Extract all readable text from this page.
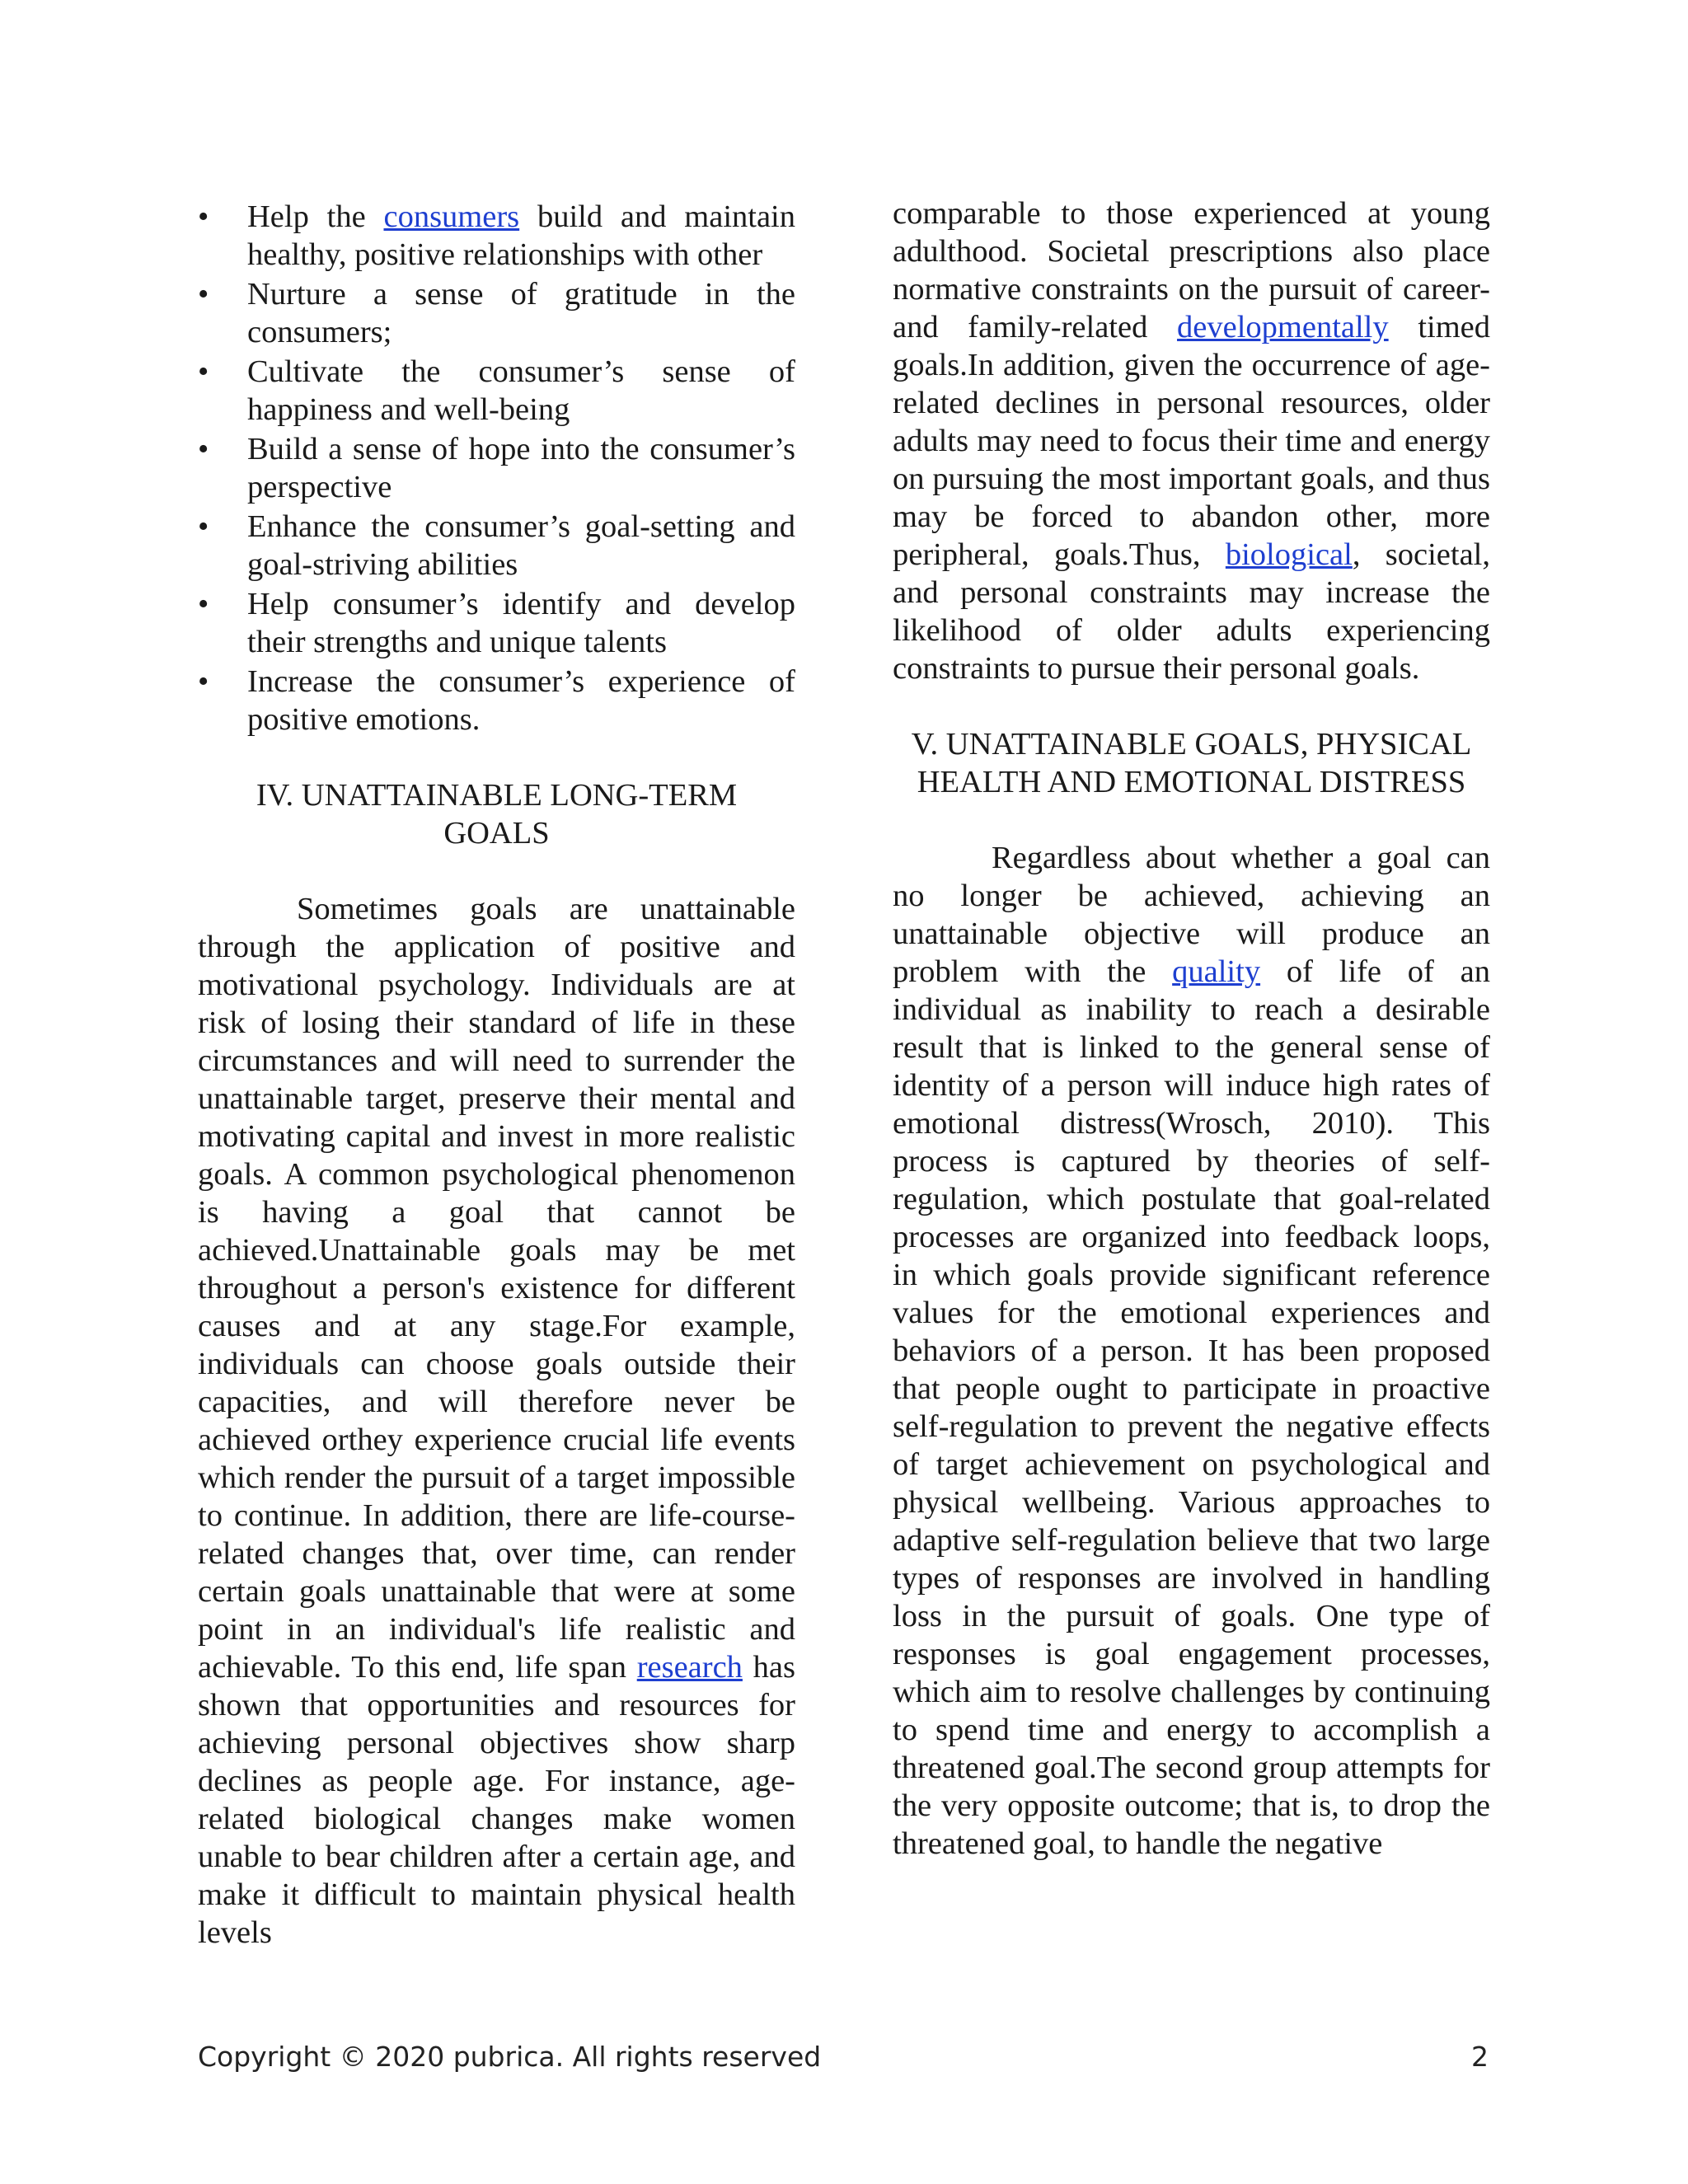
• Help the consumers build and maintain healthy, positive relationships with other
• Nurture a sense of gratitude in the consumers;
• Cultivate the consumer’s sense of happiness and well-being
• Build a sense of hope into the consumer’s perspective
• Enhance the consumer’s goal-setting and goal-striving abilities
• Help consumer’s identify and develop their strengths and unique talents
• Increase the consumer’s experience of positive emotions.
IV. UNATTAINABLE LONG-TERM
GOALS

Sometimes goals are unattainable through the application of positive and motivational psychology. Individuals are at risk of losing their standard of life in these circumstances and will need to surrender the unattainable target, preserve their mental and motivating capital and invest in more realistic goals. A common psychological phenomenon is having a goal that cannot be achieved.Unattainable goals may be met throughout a person's existence for different causes and at any stage.For example, individuals can choose goals outside their capacities, and will therefore never be achieved orthey experience crucial life events which render the pursuit of a target impossible to continue. In addition, there are life-course-related changes that, over time, can render certain goals unattainable that were at some point in an individual's life realistic and achievable. To this end, life span research has shown that opportunities and resources for achieving personal objectives show sharp declines as people age. For instance, age-related biological changes make women unable to bear children after a certain age, and make it difficult to maintain physical health levels

comparable to those experienced at young adulthood. Societal prescriptions also place normative constraints on the pursuit of career- and family-related developmentally timed goals.In addition, given the occurrence of age-related declines in personal resources, older adults may need to focus their time and energy on pursuing the most important goals, and thus may be forced to abandon other, more peripheral, goals.Thus, biological, societal, and personal constraints may increase the likelihood of older adults experiencing constraints to pursue their personal goals.

V. UNATTAINABLE GOALS, PHYSICAL
HEALTH AND EMOTIONAL DISTRESS

Regardless about whether a goal can no longer be achieved, achieving an unattainable objective will produce an problem with the quality of life of an individual as inability to reach a desirable result that is linked to the general sense of identity of a person will induce high rates of emotional distress(Wrosch, 2010). This process is captured by theories of self-regulation, which postulate that goal-related processes are organized into feedback loops, in which goals provide significant reference values for the emotional experiences and behaviors of a person. It has been proposed that people ought to participate in proactive self-regulation to prevent the negative effects of target achievement on psychological and physical wellbeing. Various approaches to adaptive self-regulation believe that two large types of responses are involved in handling loss in the pursuit of goals. One type of responses is goal engagement processes, which aim to resolve challenges by continuing to spend time and energy to accomplish a threatened goal.The second group attempts for the very opposite outcome; that is, to drop the threatened goal, to handle the negative

Copyright © 2020 pubrica. All rights reserved	2
